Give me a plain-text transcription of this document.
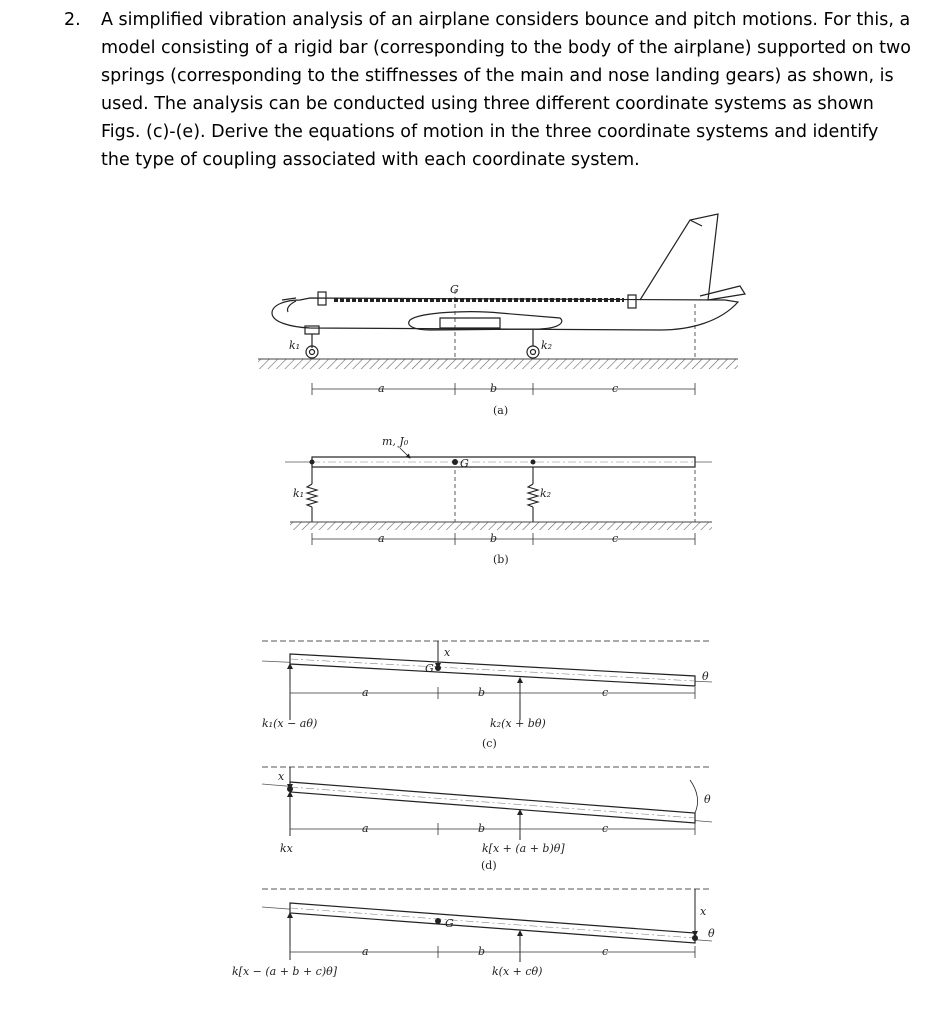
2. A simplified vibration analysis of an airplane considers bounce and pitch motions. For this, a model consisting of a rigid bar (corresponding to the body of the airplane) supported on two springs (corresponding to the stiffnesses of the main and nose landing gears) as shown, is used. The analysis can be conducted using three different coordinate systems as shown Figs. (c)-(e). Derive the equations of motion in the three coordinate systems and identify the type of coupling associated with each coordinate system.
G
k₁	k₂
a	b	c
(a)
m, J₀
G
k₁	k₂
a	b	c
(b)
x
G
θ
a	b	c
k₁(x − aθ)	k₂(x + bθ)
(c)
x
θ
a	b	c
kx	k[x + (a + b)θ]
(d)
G
x
θ
a	b	c
k[x − (a + b + c)θ]	k(x + cθ)
